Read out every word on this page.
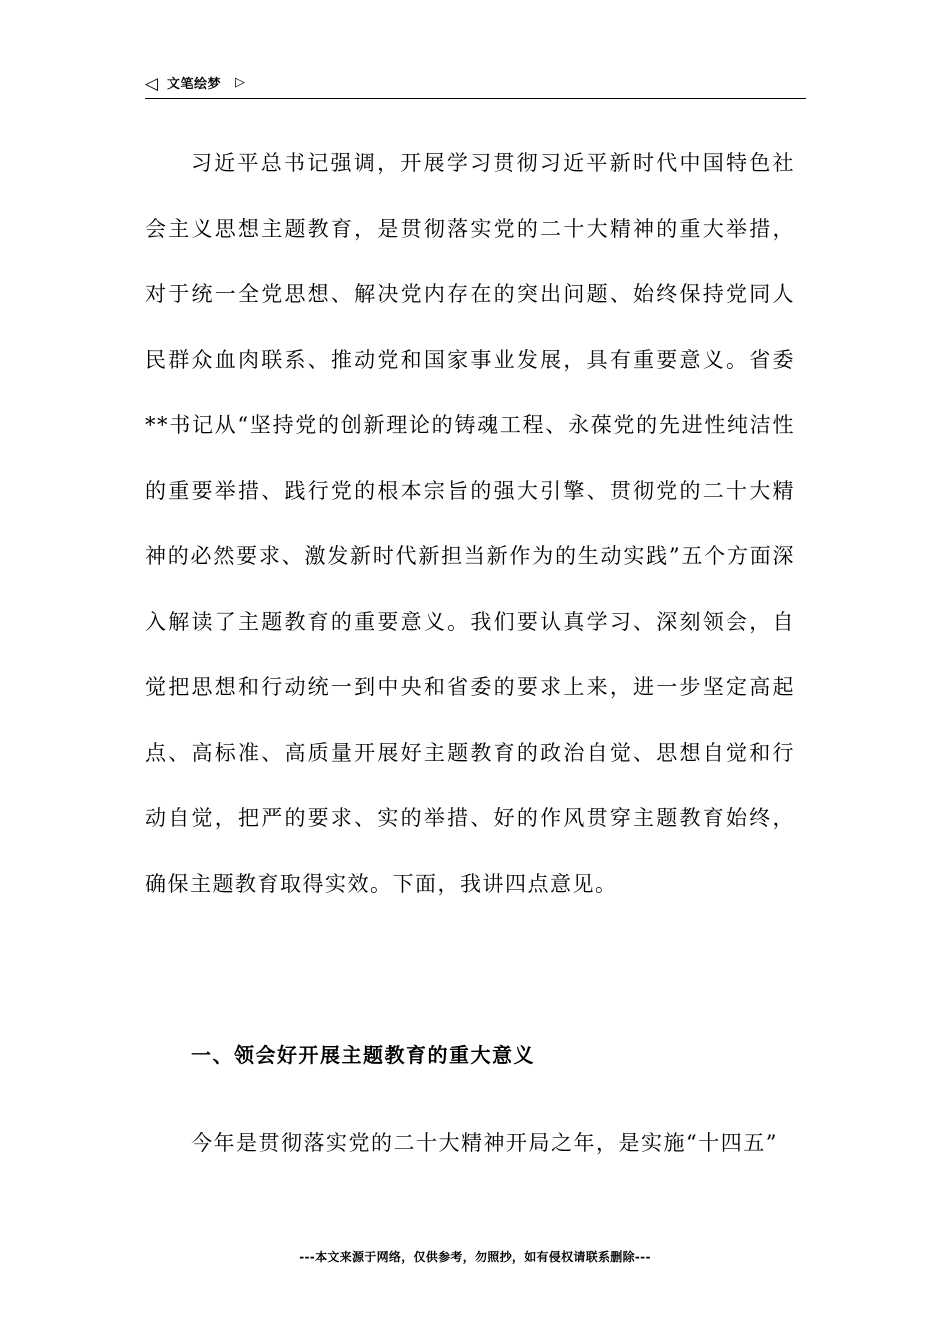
◁ 文笔绘梦 ▷

习近平总书记强调，开展学习贯彻习近平新时代中国特色社会主义思想主题教育，是贯彻落实党的二十大精神的重大举措，对于统一全党思想、解决党内存在的突出问题、始终保持党同人民群众血肉联系、推动党和国家事业发展，具有重要意义。省委**书记从“坚持党的创新理论的铸魂工程、永葆党的先进性纯洁性的重要举措、践行党的根本宗旨的强大引擎、贯彻党的二十大精神的必然要求、激发新时代新担当新作为的生动实践”五个方面深入解读了主题教育的重要意义。我们要认真学习、深刻领会，自觉把思想和行动统一到中央和省委的要求上来，进一步坚定高起点、高标准、高质量开展好主题教育的政治自觉、思想自觉和行动自觉，把严的要求、实的举措、好的作风贯穿主题教育始终，确保主题教育取得实效。下面，我讲四点意见。

一、领会好开展主题教育的重大意义

今年是贯彻落实党的二十大精神开局之年，是实施“十四五”

---本文来源于网络，仅供参考，勿照抄，如有侵权请联系删除---
